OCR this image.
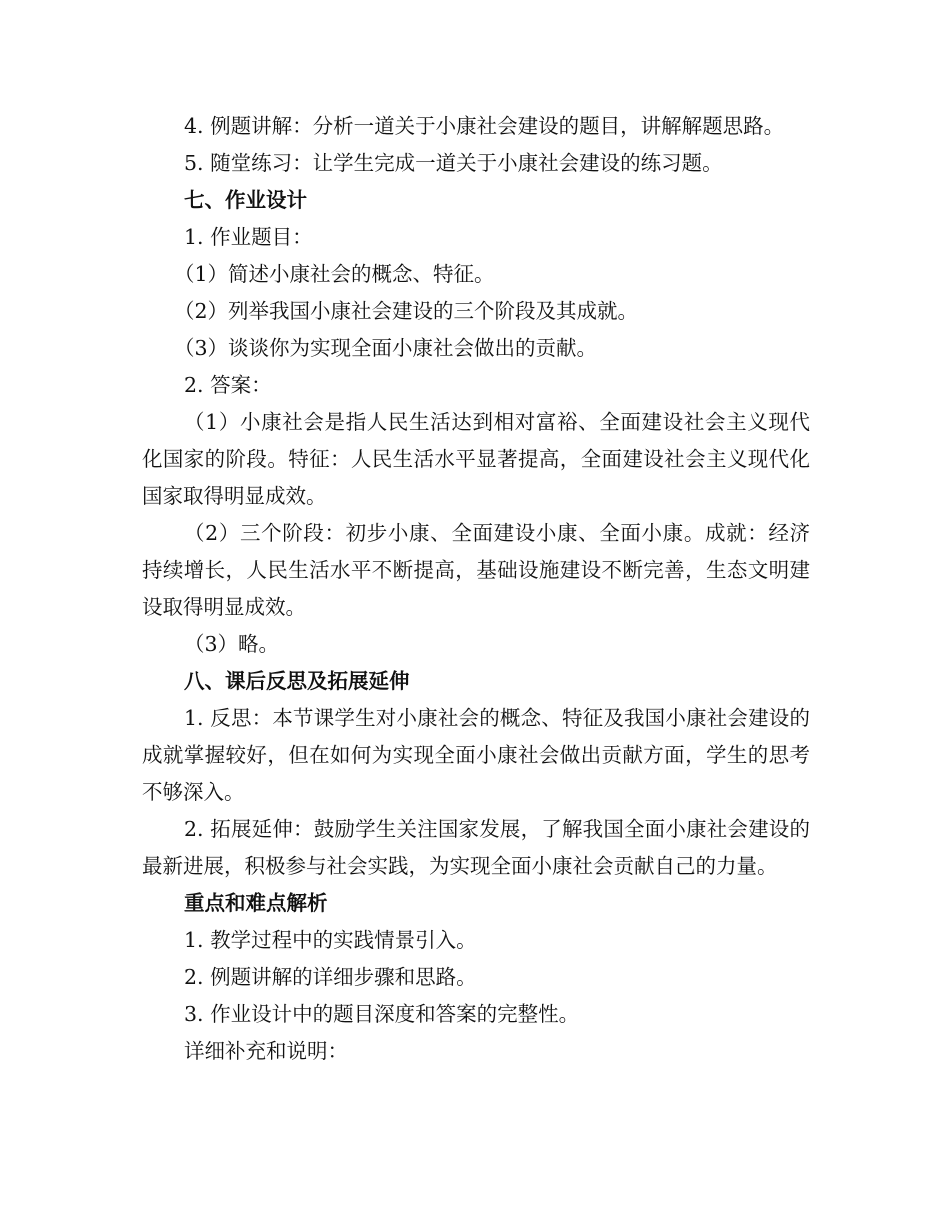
4. 例题讲解：分析一道关于小康社会建设的题目，讲解解题思路。

5. 随堂练习：让学生完成一道关于小康社会建设的练习题。

七、作业设计

1. 作业题目：

（1）简述小康社会的概念、特征。

（2）列举我国小康社会建设的三个阶段及其成就。

（3）谈谈你为实现全面小康社会做出的贡献。

2. 答案：

（1）小康社会是指人民生活达到相对富裕、全面建设社会主义现代化国家的阶段。特征：人民生活水平显著提高，全面建设社会主义现代化国家取得明显成效。

（2）三个阶段：初步小康、全面建设小康、全面小康。成就：经济持续增长，人民生活水平不断提高，基础设施建设不断完善，生态文明建设取得明显成效。

（3）略。

八、课后反思及拓展延伸

1. 反思：本节课学生对小康社会的概念、特征及我国小康社会建设的成就掌握较好，但在如何为实现全面小康社会做出贡献方面，学生的思考不够深入。

2. 拓展延伸：鼓励学生关注国家发展，了解我国全面小康社会建设的最新进展，积极参与社会实践，为实现全面小康社会贡献自己的力量。

重点和难点解析

1. 教学过程中的实践情景引入。

2. 例题讲解的详细步骤和思路。

3. 作业设计中的题目深度和答案的完整性。

详细补充和说明：
